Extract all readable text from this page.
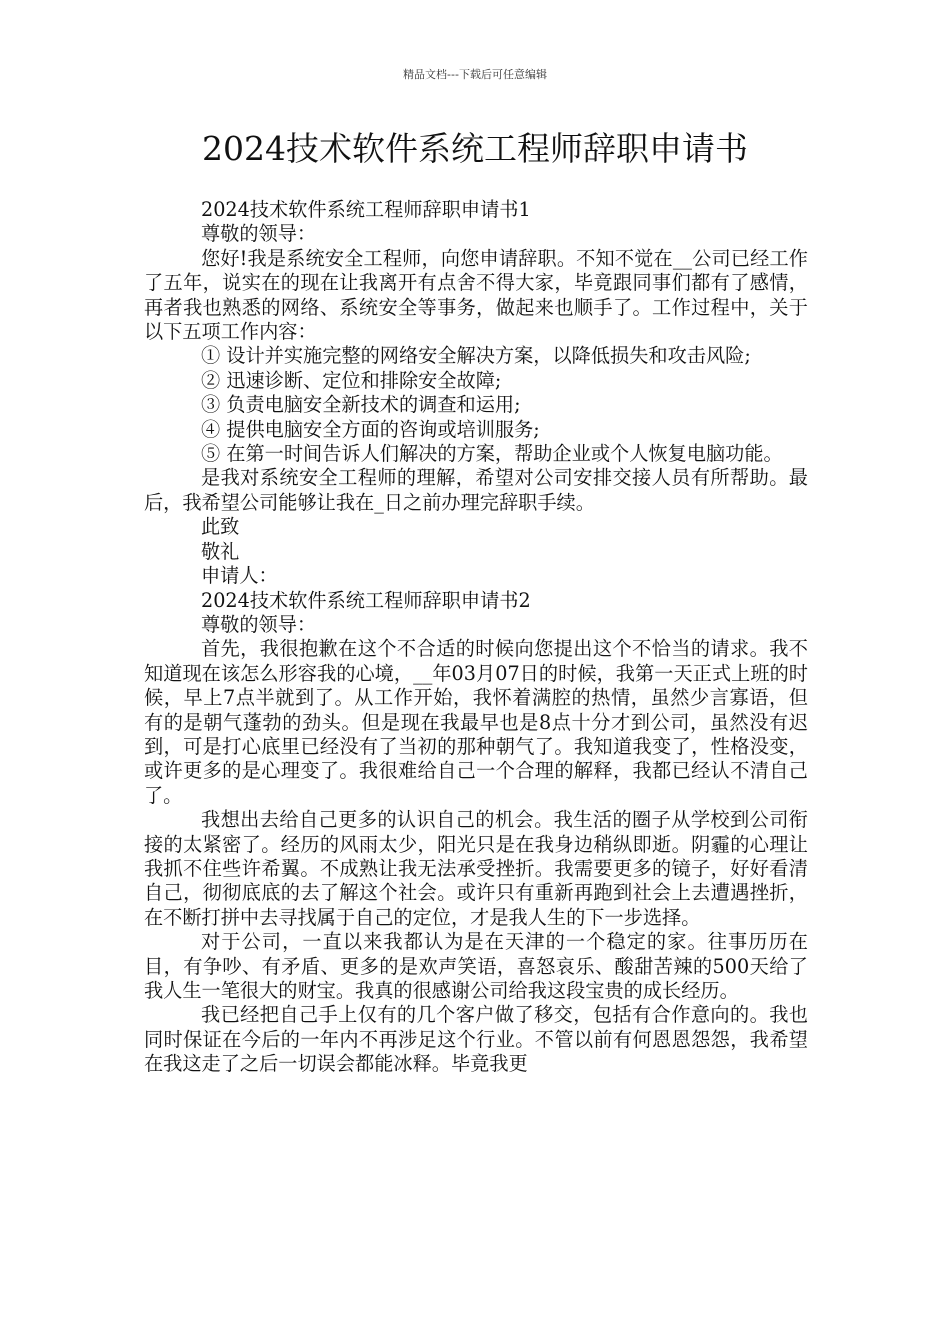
精品文档---下载后可任意编辑
2024技术软件系统工程师辞职申请书

2024技术软件系统工程师辞职申请书1

尊敬的领导：

您好!我是系统安全工程师，向您申请辞职。不知不觉在__公司已经工作了五年，说实在的现在让我离开有点舍不得大家，毕竟跟同事们都有了感情，再者我也熟悉的网络、系统安全等事务，做起来也顺手了。工作过程中，关于以下五项工作内容：

① 设计并实施完整的网络安全解决方案，以降低损失和攻击风险;

② 迅速诊断、定位和排除安全故障;

③ 负责电脑安全新技术的调查和运用;

④ 提供电脑安全方面的咨询或培训服务;

⑤ 在第一时间告诉人们解决的方案，帮助企业或个人恢复电脑功能。

是我对系统安全工程师的理解，希望对公司安排交接人员有所帮助。最后，我希望公司能够让我在_日之前办理完辞职手续。

此致

敬礼

申请人：

2024技术软件系统工程师辞职申请书2

尊敬的领导：

首先，我很抱歉在这个不合适的时候向您提出这个不恰当的请求。我不知道现在该怎么形容我的心境，__年03月07日的时候，我第一天正式上班的时候，早上7点半就到了。从工作开始，我怀着满腔的热情，虽然少言寡语，但有的是朝气蓬勃的劲头。但是现在我最早也是8点十分才到公司，虽然没有迟到，可是打心底里已经没有了当初的那种朝气了。我知道我变了，性格没变，或许更多的是心理变了。我很难给自己一个合理的解释，我都已经认不清自己了。

我想出去给自己更多的认识自己的机会。我生活的圈子从学校到公司衔接的太紧密了。经历的风雨太少，阳光只是在我身边稍纵即逝。阴霾的心理让我抓不住些许希翼。不成熟让我无法承受挫折。我需要更多的镜子，好好看清自己，彻彻底底的去了解这个社会。或许只有重新再跑到社会上去遭遇挫折，在不断打拼中去寻找属于自己的定位，才是我人生的下一步选择。

对于公司，一直以来我都认为是在天津的一个稳定的家。往事历历在目，有争吵、有矛盾、更多的是欢声笑语，喜怒哀乐、酸甜苦辣的500天给了我人生一笔很大的财宝。我真的很感谢公司给我这段宝贵的成长经历。

我已经把自己手上仅有的几个客户做了移交，包括有合作意向的。我也同时保证在今后的一年内不再涉足这个行业。不管以前有何恩恩怨怨，我希望在我这走了之后一切误会都能冰释。毕竟我更
